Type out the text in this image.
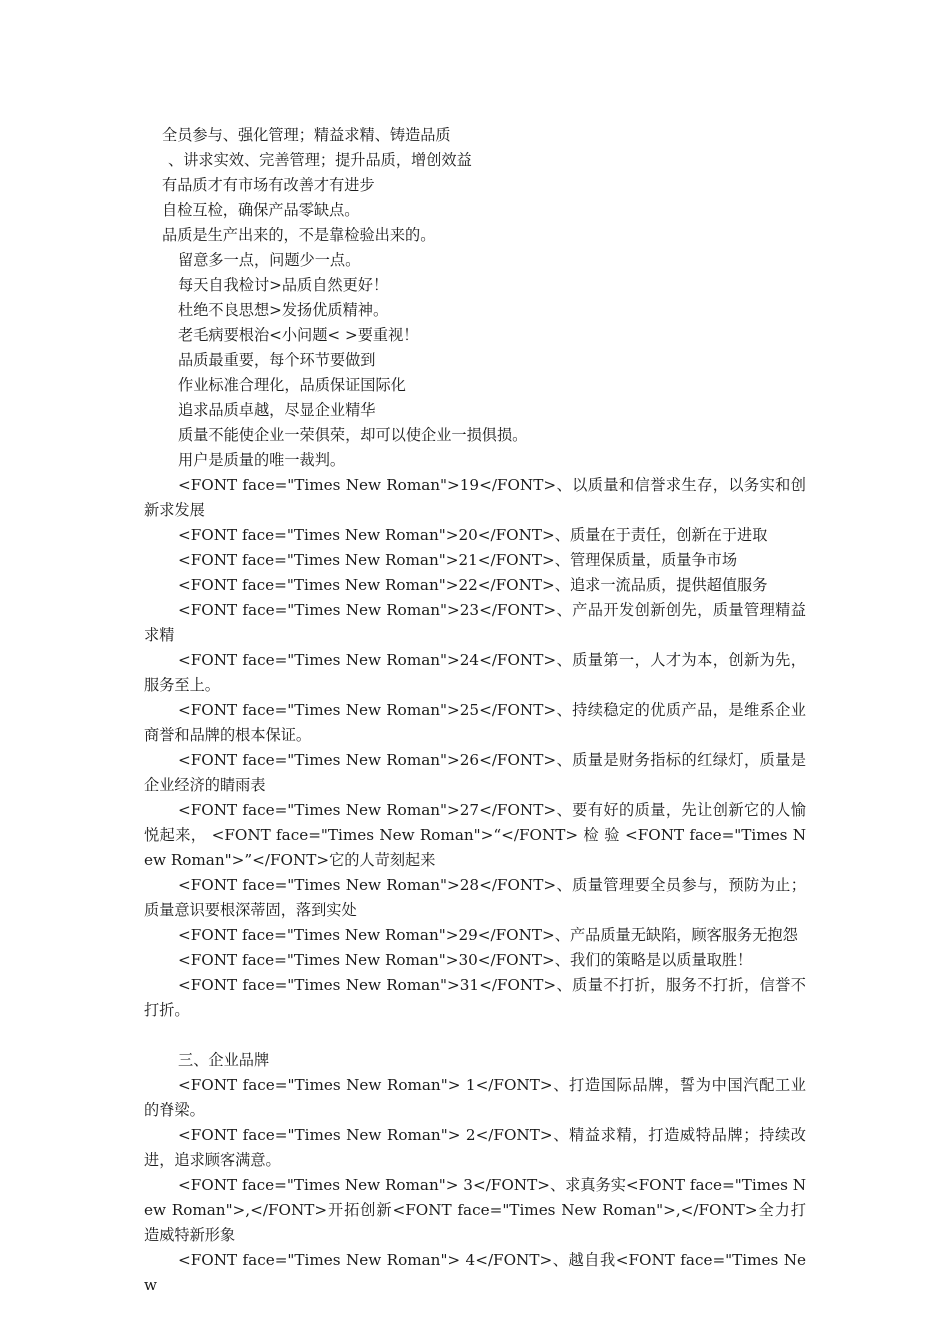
全员参与、强化管理；精益求精、铸造品质
、讲求实效、完善管理；提升品质，增创效益
有品质才有市场有改善才有进步
自检互检，确保产品零缺点。
品质是生产出来的，不是靠检验出来的。
留意多一点，问题少一点。
每天自我检讨>品质自然更好！
杜绝不良思想>发扬优质精神。
老毛病要根治<小问题< >要重视！
品质最重要，每个环节要做到
作业标准合理化，品质保证国际化
追求品质卓越，尽显企业精华
质量不能使企业一荣俱荣，却可以使企业一损俱损。
用户是质量的唯一裁判。
<FONT face="Times New Roman">19</FONT>、以质量和信誉求生存，以务实和创新求发展
<FONT face="Times New Roman">20</FONT>、质量在于责任，创新在于进取
<FONT face="Times New Roman">21</FONT>、管理保质量，质量争市场
<FONT face="Times New Roman">22</FONT>、追求一流品质，提供超值服务
<FONT face="Times New Roman">23</FONT>、产品开发创新创先，质量管理精益求精
<FONT face="Times New Roman">24</FONT>、质量第一，人才为本，创新为先，服务至上。
<FONT face="Times New Roman">25</FONT>、持续稳定的优质产品，是维系企业商誉和品牌的根本保证。
<FONT face="Times New Roman">26</FONT>、质量是财务指标的红绿灯，质量是企业经济的睛雨表
<FONT face="Times New Roman">27</FONT>、要有好的质量，先让创新它的人愉悦起来， <FONT face="Times New Roman">“</FONT> 检 验 <FONT face="Times New Roman">”</FONT>它的人苛刻起来
<FONT face="Times New Roman">28</FONT>、质量管理要全员参与，预防为止；质量意识要根深蒂固，落到实处
<FONT face="Times New Roman">29</FONT>、产品质量无缺陷，顾客服务无抱怨
<FONT face="Times New Roman">30</FONT>、我们的策略是以质量取胜！
<FONT face="Times New Roman">31</FONT>、质量不打折，服务不打折，信誉不打折。
三、企业品牌
<FONT face="Times New Roman"> 1</FONT>、打造国际品牌，誓为中国汽配工业的脊梁。
<FONT face="Times New Roman"> 2</FONT>、精益求精，打造威特品牌；持续改进，追求顾客满意。
<FONT face="Times New Roman"> 3</FONT>、求真务实<FONT face="Times New Roman">,</FONT>开拓创新<FONT face="Times New Roman">,</FONT>全力打造威特新形象
<FONT face="Times New Roman"> 4</FONT>、越自我<FONT face="Times New
